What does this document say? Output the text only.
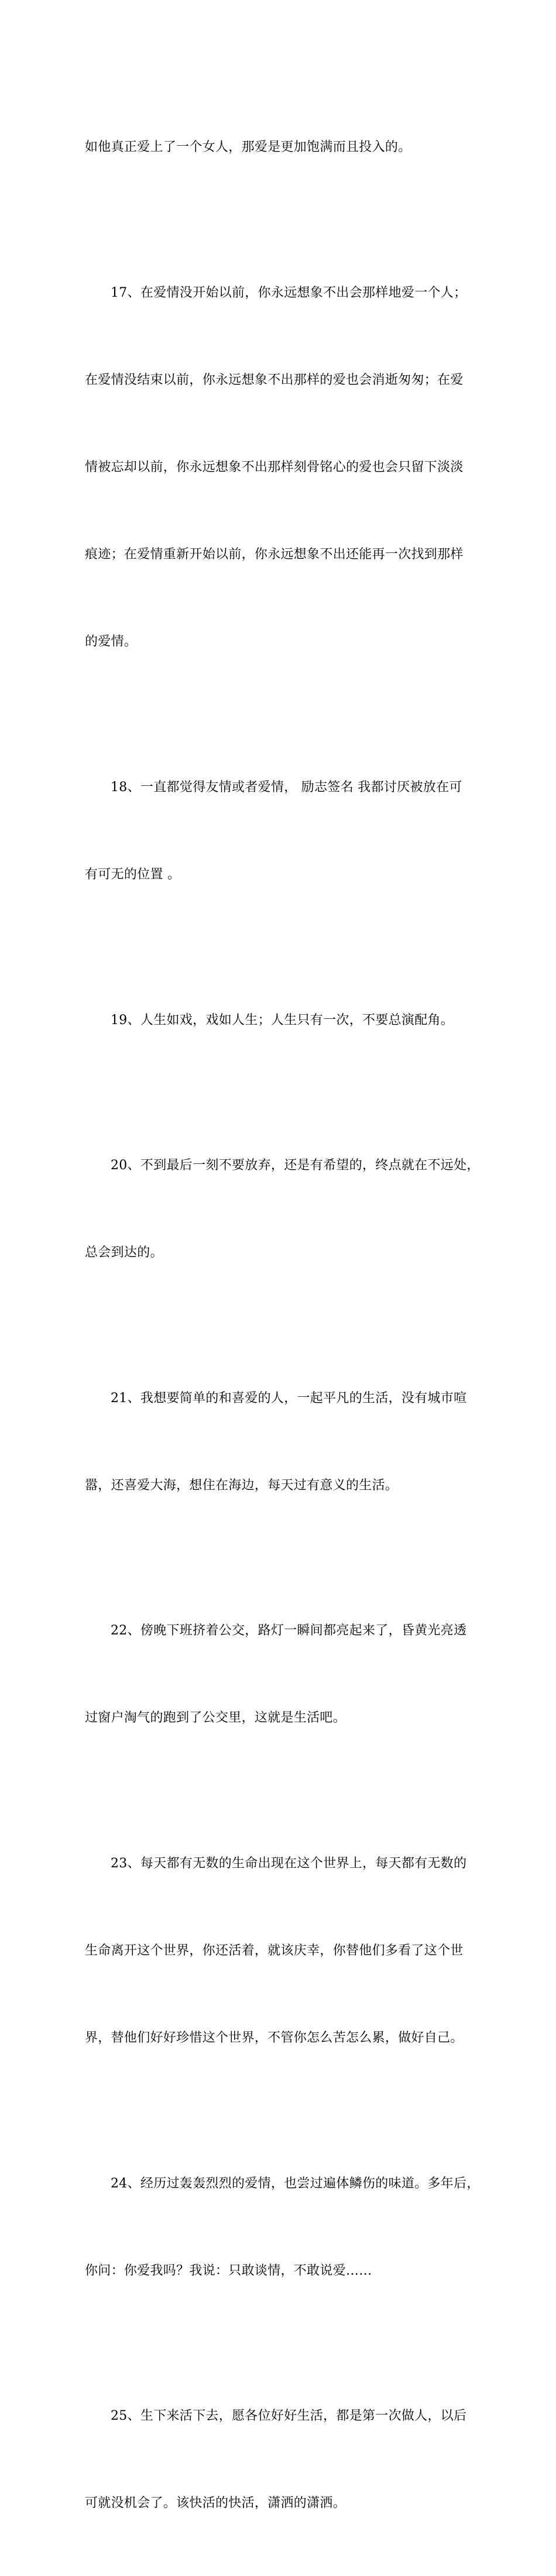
如他真正爱上了一个女人，那爱是更加饱满而且投入的。

17、在爱情没开始以前，你永远想象不出会那样地爱一个人；

在爱情没结束以前，你永远想象不出那样的爱也会消逝匆匆；在爱

情被忘却以前，你永远想象不出那样刻骨铭心的爱也会只留下淡淡

痕迹；在爱情重新开始以前，你永远想象不出还能再一次找到那样

的爱情。

18、一直都觉得友情或者爱情， 励志签名 我都讨厌被放在可

有可无的位置 。

19、人生如戏，戏如人生；人生只有一次，不要总演配角。

20、不到最后一刻不要放弃，还是有希望的，终点就在不远处，

总会到达的。

21、我想要简单的和喜爱的人，一起平凡的生活，没有城市喧

嚣，还喜爱大海，想住在海边，每天过有意义的生活。

22、傍晚下班挤着公交，路灯一瞬间都亮起来了，昏黄光亮透

过窗户淘气的跑到了公交里，这就是生活吧。

23、每天都有无数的生命出现在这个世界上，每天都有无数的

生命离开这个世界，你还活着，就该庆幸，你替他们多看了这个世

界，替他们好好珍惜这个世界，不管你怎么苦怎么累，做好自己。

24、经历过轰轰烈烈的爱情，也尝过遍体鳞伤的味道。多年后，

你问：你爱我吗？我说：只敢谈情，不敢说爱……

25、生下来活下去，愿各位好好生活，都是第一次做人，以后

可就没机会了。该快活的快活，潇洒的潇洒。
